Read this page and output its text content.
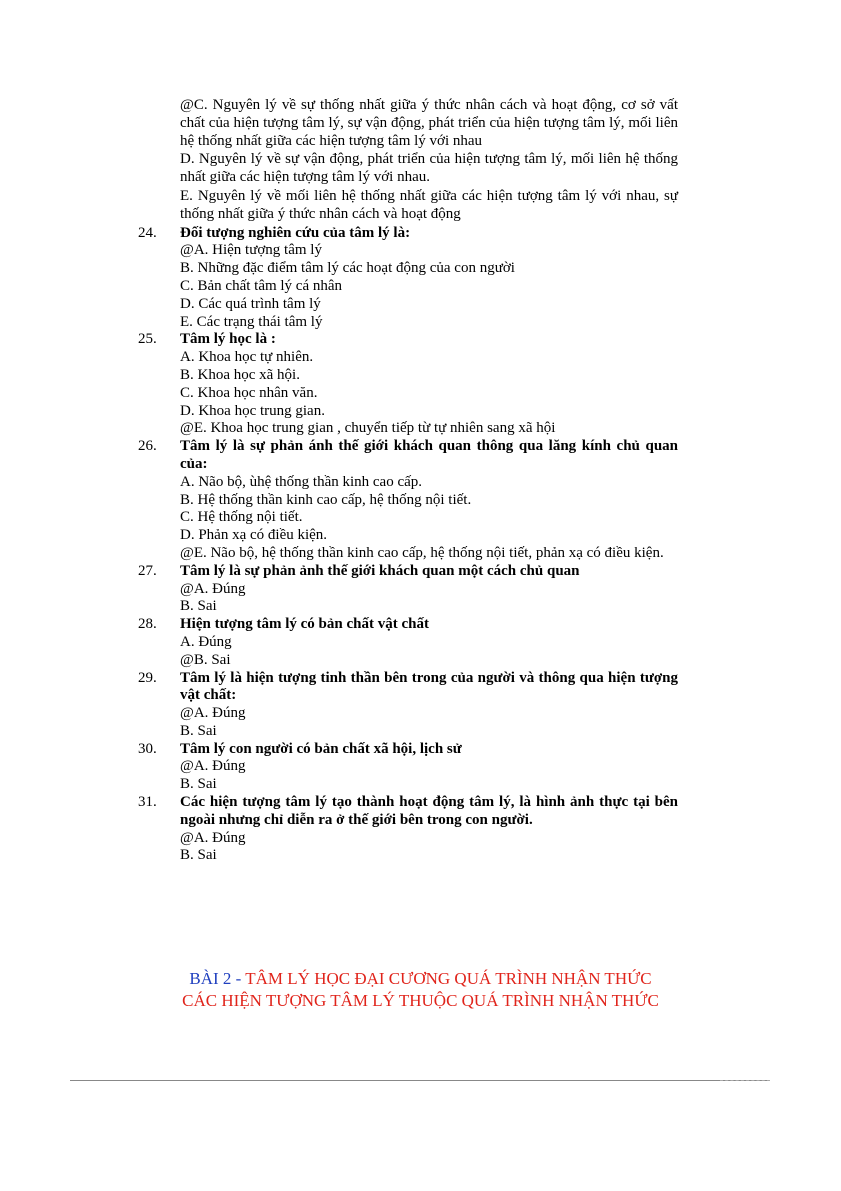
@C. Nguyên lý về sự thống nhất giữa ý thức nhân cách và hoạt động, cơ sở vất chất của hiện tượng tâm lý, sự vận động, phát triển của hiện tượng tâm lý, mối liên hệ thống nhất giữa các hiện tượng tâm lý với nhau
D. Nguyên lý về sự vận động, phát triển của hiện tượng tâm lý, mối liên hệ thống nhất giữa các hiện tượng tâm lý với nhau.
E. Nguyên lý về mối liên hệ thống nhất giữa các hiện tượng tâm lý với nhau, sự thống nhất giữa ý thức nhân cách và hoạt động
24. Đối tượng nghiên cứu của tâm lý là:
@A. Hiện tượng tâm lý
B. Những đặc điểm tâm lý các hoạt động của con người
C. Bản chất tâm lý cá nhân
D. Các quá trình tâm lý
E. Các trạng thái tâm lý
25. Tâm lý học là :
A. Khoa học tự nhiên.
B. Khoa học xã hội.
C. Khoa học nhân văn.
D. Khoa học trung gian.
@E. Khoa học trung gian , chuyển tiếp từ tự nhiên sang xã hội
26. Tâm lý là sự phản ánh thế giới khách quan thông qua lăng kính chủ quan của:
A. Não bộ, ùhệ thống thần kinh cao cấp.
B. Hệ thống thần kinh cao cấp, hệ thống nội tiết.
C. Hệ thống nội tiết.
D. Phản xạ có điều kiện.
@E. Não bộ, hệ thống thần kinh cao cấp, hệ thống nội tiết, phản xạ có điều kiện.
27. Tâm lý là sự phản ảnh thế giới khách quan một cách chủ quan
@A. Đúng
B. Sai
28. Hiện tượng tâm lý có bản chất vật chất
A. Đúng
@B. Sai
29. Tâm lý là hiện tượng tinh thần bên trong của người và thông qua hiện tượng vật chất:
@A. Đúng
B. Sai
30. Tâm lý con người có bản chất xã hội, lịch sử
@A. Đúng
B. Sai
31. Các hiện tượng tâm lý tạo thành hoạt động tâm lý, là hình ảnh thực tại bên ngoài nhưng chỉ diễn ra ở thế giới bên trong con người.
@A. Đúng
B. Sai
BÀI 2 - TÂM LÝ HỌC ĐẠI CƯƠNG QUÁ TRÌNH NHẬN THỨC
CÁC HIỆN TƯỢNG TÂM LÝ THUỘC QUÁ TRÌNH NHẬN THỨC
